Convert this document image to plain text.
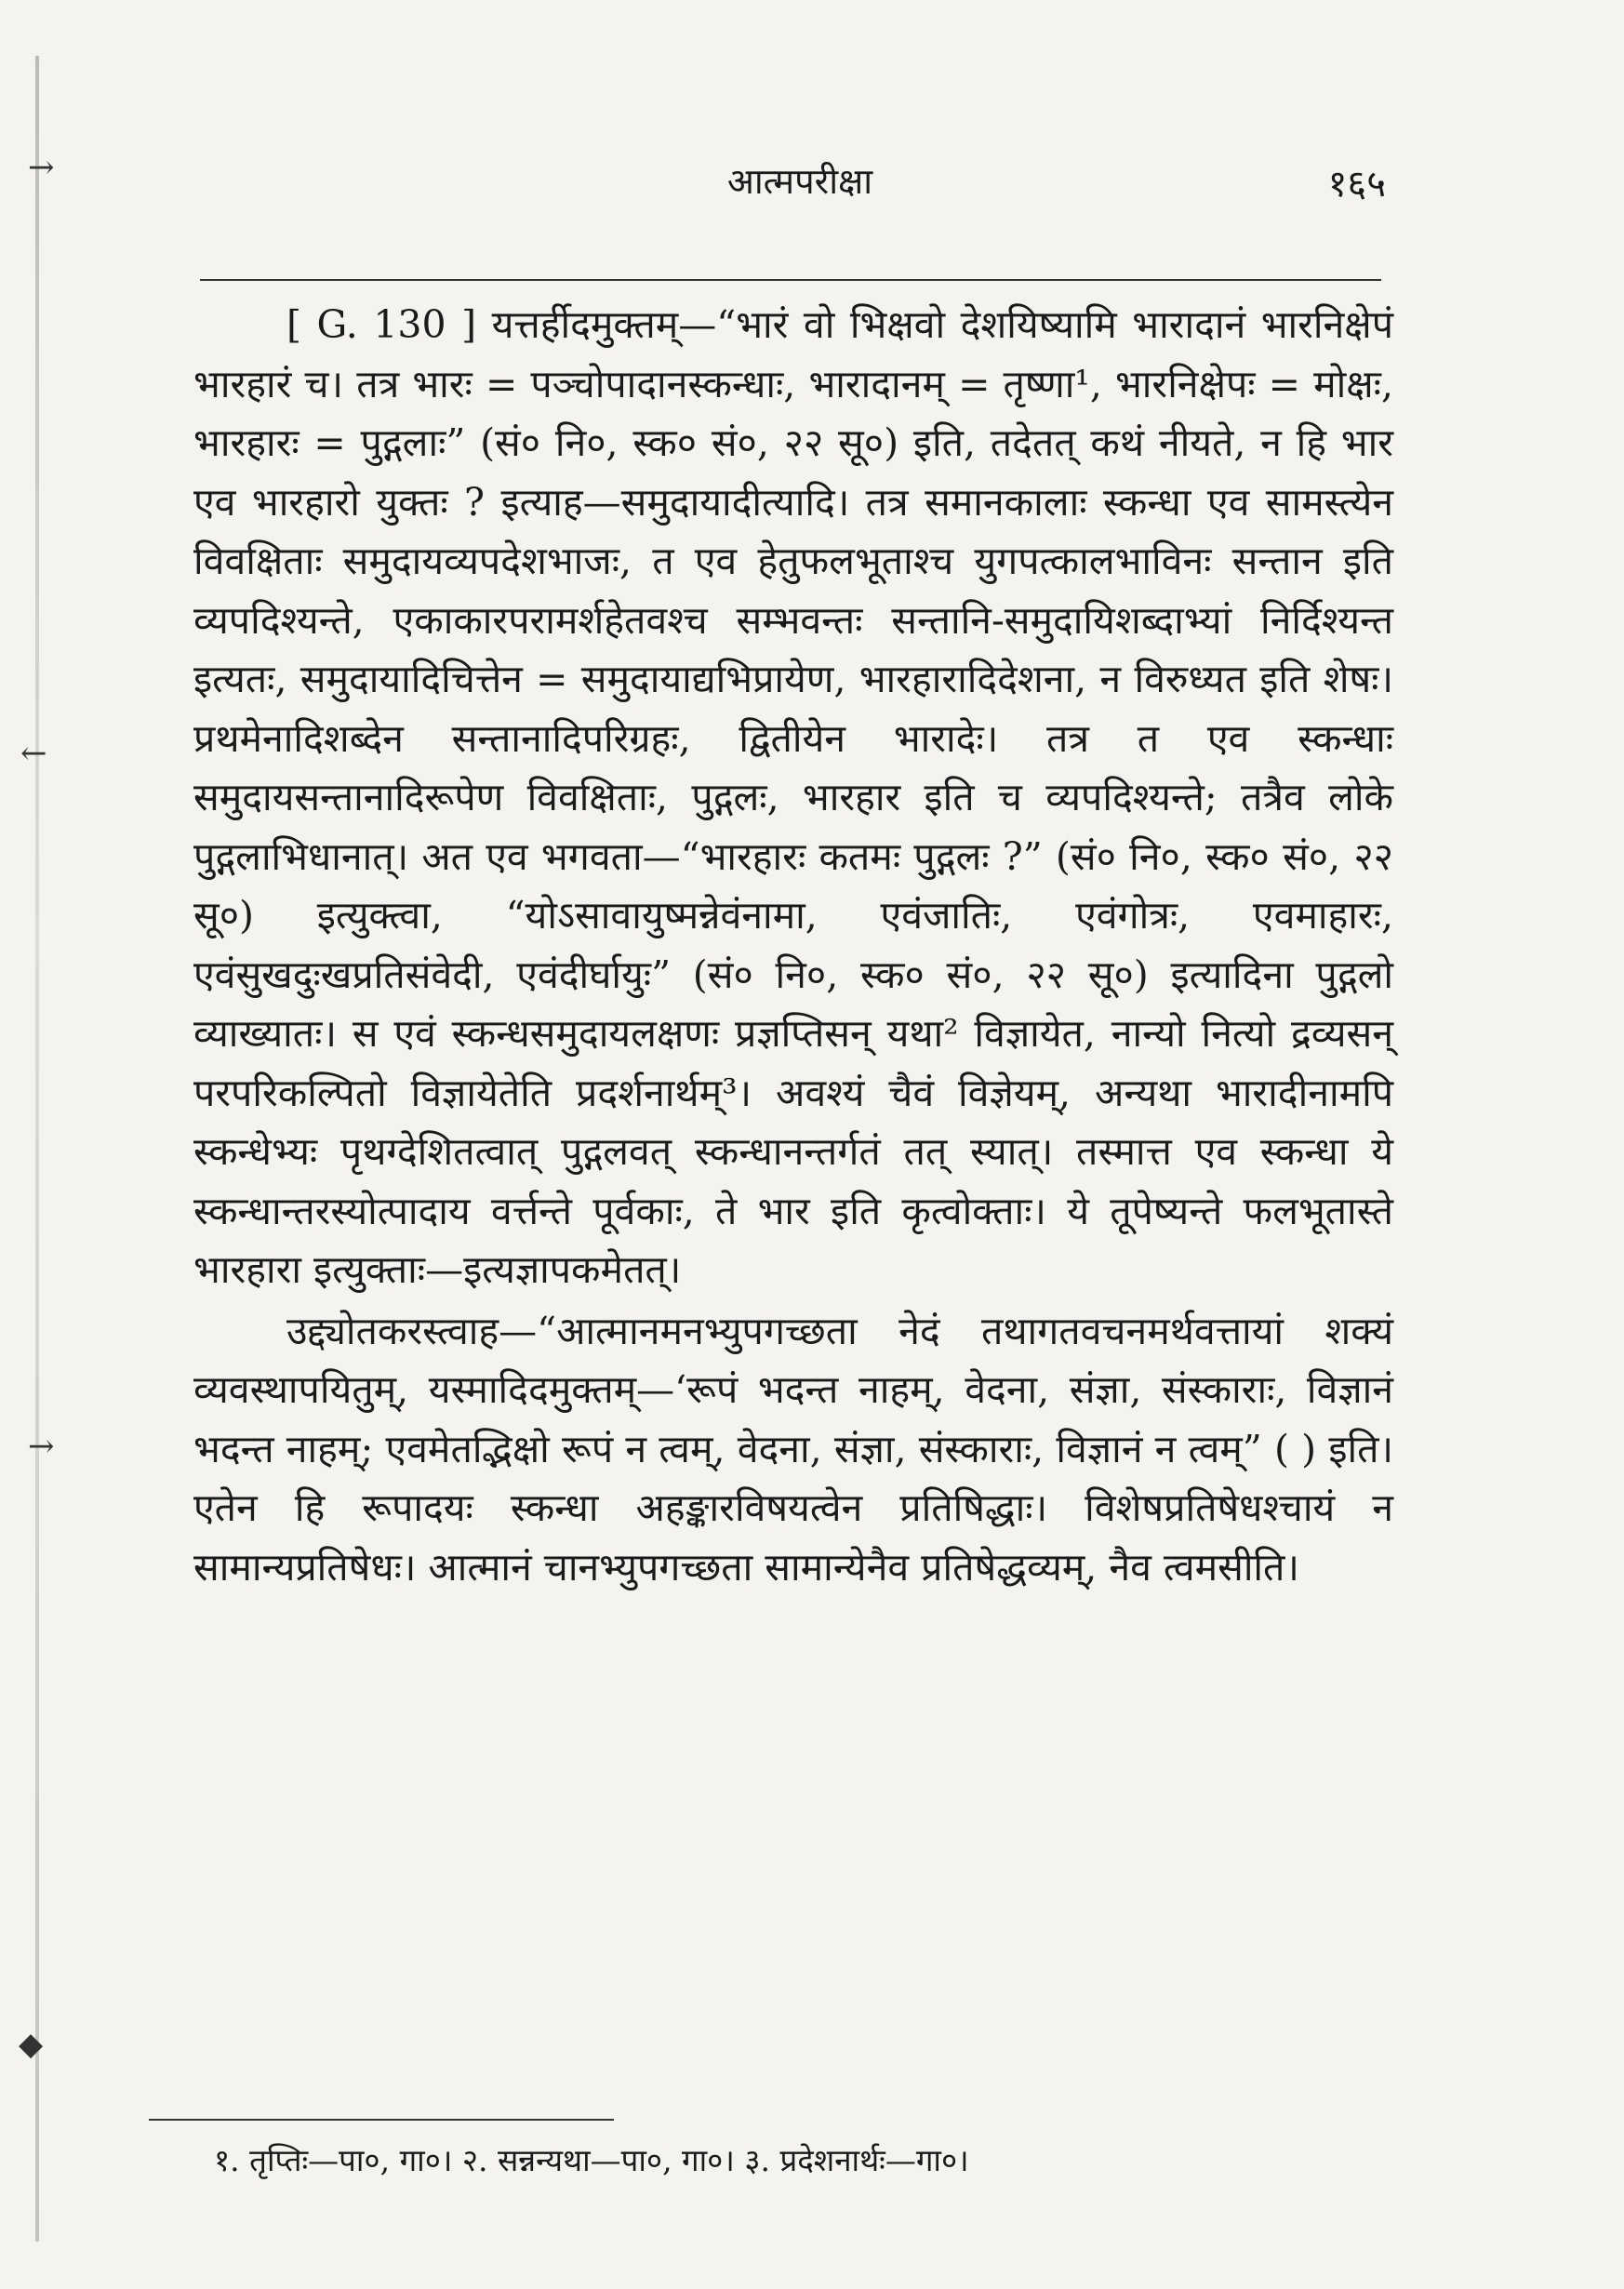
→
←
→
◆
आत्मपरीक्षा	१६५

[ G. 130 ] यत्तर्हीदमुक्तम्—“भारं वो भिक्षवो देशयिष्यामि भारादानं भारनिक्षेपं भारहारं च। तत्र भारः = पञ्चोपादानस्कन्धाः, भारादानम् = तृष्णा¹, भारनिक्षेपः = मोक्षः, भारहारः = पुद्गलाः” (सं० नि०, स्क० सं०, २२ सू०) इति, तदेतत् कथं नीयते, न हि भार एव भारहारो युक्तः ? इत्याह—समुदायादीत्यादि। तत्र समानकालाः स्कन्धा एव सामस्त्येन विवक्षिताः समुदायव्यपदेशभाजः, त एव हेतुफलभूताश्च युगपत्कालभाविनः सन्तान इति व्यपदिश्यन्ते, एकाकारपरामर्शहेतवश्च सम्भवन्तः सन्तानि-समुदायिशब्दाभ्यां निर्दिश्यन्त इत्यतः, समुदायादिचित्तेन = समुदायाद्यभिप्रायेण, भारहारादिदेशना, न विरुध्यत इति शेषः। प्रथमेनादिशब्देन सन्तानादिपरिग्रहः, द्वितीयेन भारादेः। तत्र त एव स्कन्धाः समुदायसन्तानादिरूपेण विवक्षिताः, पुद्गलः, भारहार इति च व्यपदिश्यन्ते; तत्रैव लोके पुद्गलाभिधानात्। अत एव भगवता—“भारहारः कतमः पुद्गलः ?” (सं० नि०, स्क० सं०, २२ सू०) इत्युक्त्वा, “योऽसावायुष्मन्नेवंनामा, एवंजातिः, एवंगोत्रः, एवमाहारः, एवंसुखदुःखप्रतिसंवेदी, एवंदीर्घायुः” (सं० नि०, स्क० सं०, २२ सू०) इत्यादिना पुद्गलो व्याख्यातः। स एवं स्कन्धसमुदायलक्षणः प्रज्ञप्तिसन् यथा² विज्ञायेत, नान्यो नित्यो द्रव्यसन् परपरिकल्पितो विज्ञायेतेति प्रदर्शनार्थम्³। अवश्यं चैवं विज्ञेयम्, अन्यथा भारादीनामपि स्कन्धेभ्यः पृथग्देशितत्वात् पुद्गलवत् स्कन्धानन्तर्गतं तत् स्यात्। तस्मात्त एव स्कन्धा ये स्कन्धान्तरस्योत्पादाय वर्त्तन्ते पूर्वकाः, ते भार इति कृत्वोक्ताः। ये तूपेष्यन्ते फलभूतास्ते भारहारा इत्युक्ताः—इत्यज्ञापकमेतत्।

उद्द्योतकरस्त्वाह—“आत्मानमनभ्युपगच्छता नेदं तथागतवचनमर्थवत्तायां शक्यं व्यवस्थापयितुम्, यस्मादिदमुक्तम्—‘रूपं भदन्त नाहम्, वेदना, संज्ञा, संस्काराः, विज्ञानं भदन्त नाहम्; एवमेतद्भिक्षो रूपं न त्वम्, वेदना, संज्ञा, संस्काराः, विज्ञानं न त्वम्” ( ) इति। एतेन हि रूपादयः स्कन्धा अहङ्कारविषयत्वेन प्रतिषिद्धाः। विशेषप्रतिषेधश्चायं न सामान्यप्रतिषेधः। आत्मानं चानभ्युपगच्छता सामान्येनैव प्रतिषेद्धव्यम्, नैव त्वमसीति।

१. तृप्तिः—पा०, गा०। २. सन्नन्यथा—पा०, गा०। ३. प्रदेशनार्थः—गा०।
